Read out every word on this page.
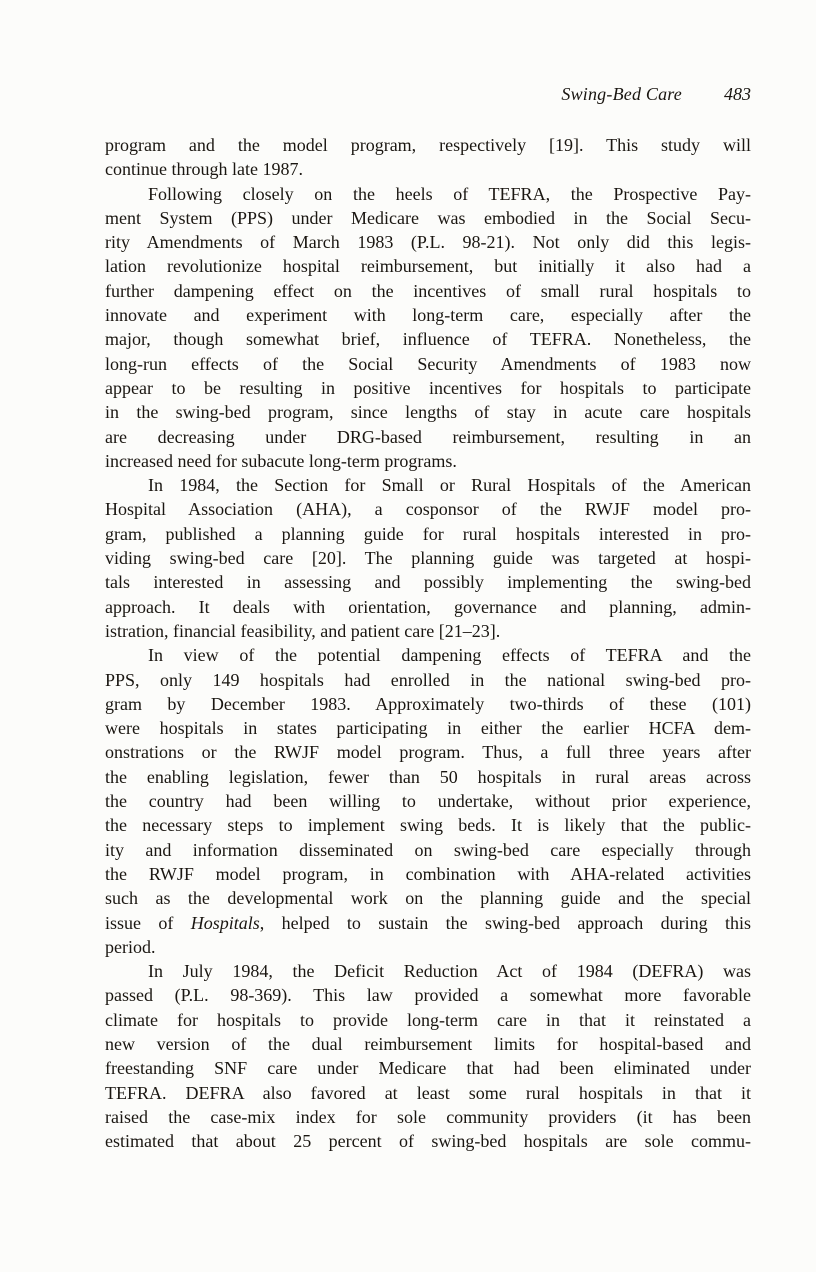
Swing-Bed Care 483
program and the model program, respectively [19]. This study will
continue through late 1987.
Following closely on the heels of TEFRA, the Prospective Pay-
ment System (PPS) under Medicare was embodied in the Social Secu-
rity Amendments of March 1983 (P.L. 98-21). Not only did this legis-
lation revolutionize hospital reimbursement, but initially it also had a
further dampening effect on the incentives of small rural hospitals to
innovate and experiment with long-term care, especially after the
major, though somewhat brief, influence of TEFRA. Nonetheless, the
long-run effects of the Social Security Amendments of 1983 now
appear to be resulting in positive incentives for hospitals to participate
in the swing-bed program, since lengths of stay in acute care hospitals
are decreasing under DRG-based reimbursement, resulting in an
increased need for subacute long-term programs.
In 1984, the Section for Small or Rural Hospitals of the American
Hospital Association (AHA), a cosponsor of the RWJF model pro-
gram, published a planning guide for rural hospitals interested in pro-
viding swing-bed care [20]. The planning guide was targeted at hospi-
tals interested in assessing and possibly implementing the swing-bed
approach. It deals with orientation, governance and planning, admin-
istration, financial feasibility, and patient care [21–23].
In view of the potential dampening effects of TEFRA and the
PPS, only 149 hospitals had enrolled in the national swing-bed pro-
gram by December 1983. Approximately two-thirds of these (101)
were hospitals in states participating in either the earlier HCFA dem-
onstrations or the RWJF model program. Thus, a full three years after
the enabling legislation, fewer than 50 hospitals in rural areas across
the country had been willing to undertake, without prior experience,
the necessary steps to implement swing beds. It is likely that the public-
ity and information disseminated on swing-bed care especially through
the RWJF model program, in combination with AHA-related activities
such as the developmental work on the planning guide and the special
issue of Hospitals, helped to sustain the swing-bed approach during this
period.
In July 1984, the Deficit Reduction Act of 1984 (DEFRA) was
passed (P.L. 98-369). This law provided a somewhat more favorable
climate for hospitals to provide long-term care in that it reinstated a
new version of the dual reimbursement limits for hospital-based and
freestanding SNF care under Medicare that had been eliminated under
TEFRA. DEFRA also favored at least some rural hospitals in that it
raised the case-mix index for sole community providers (it has been
estimated that about 25 percent of swing-bed hospitals are sole commu-
